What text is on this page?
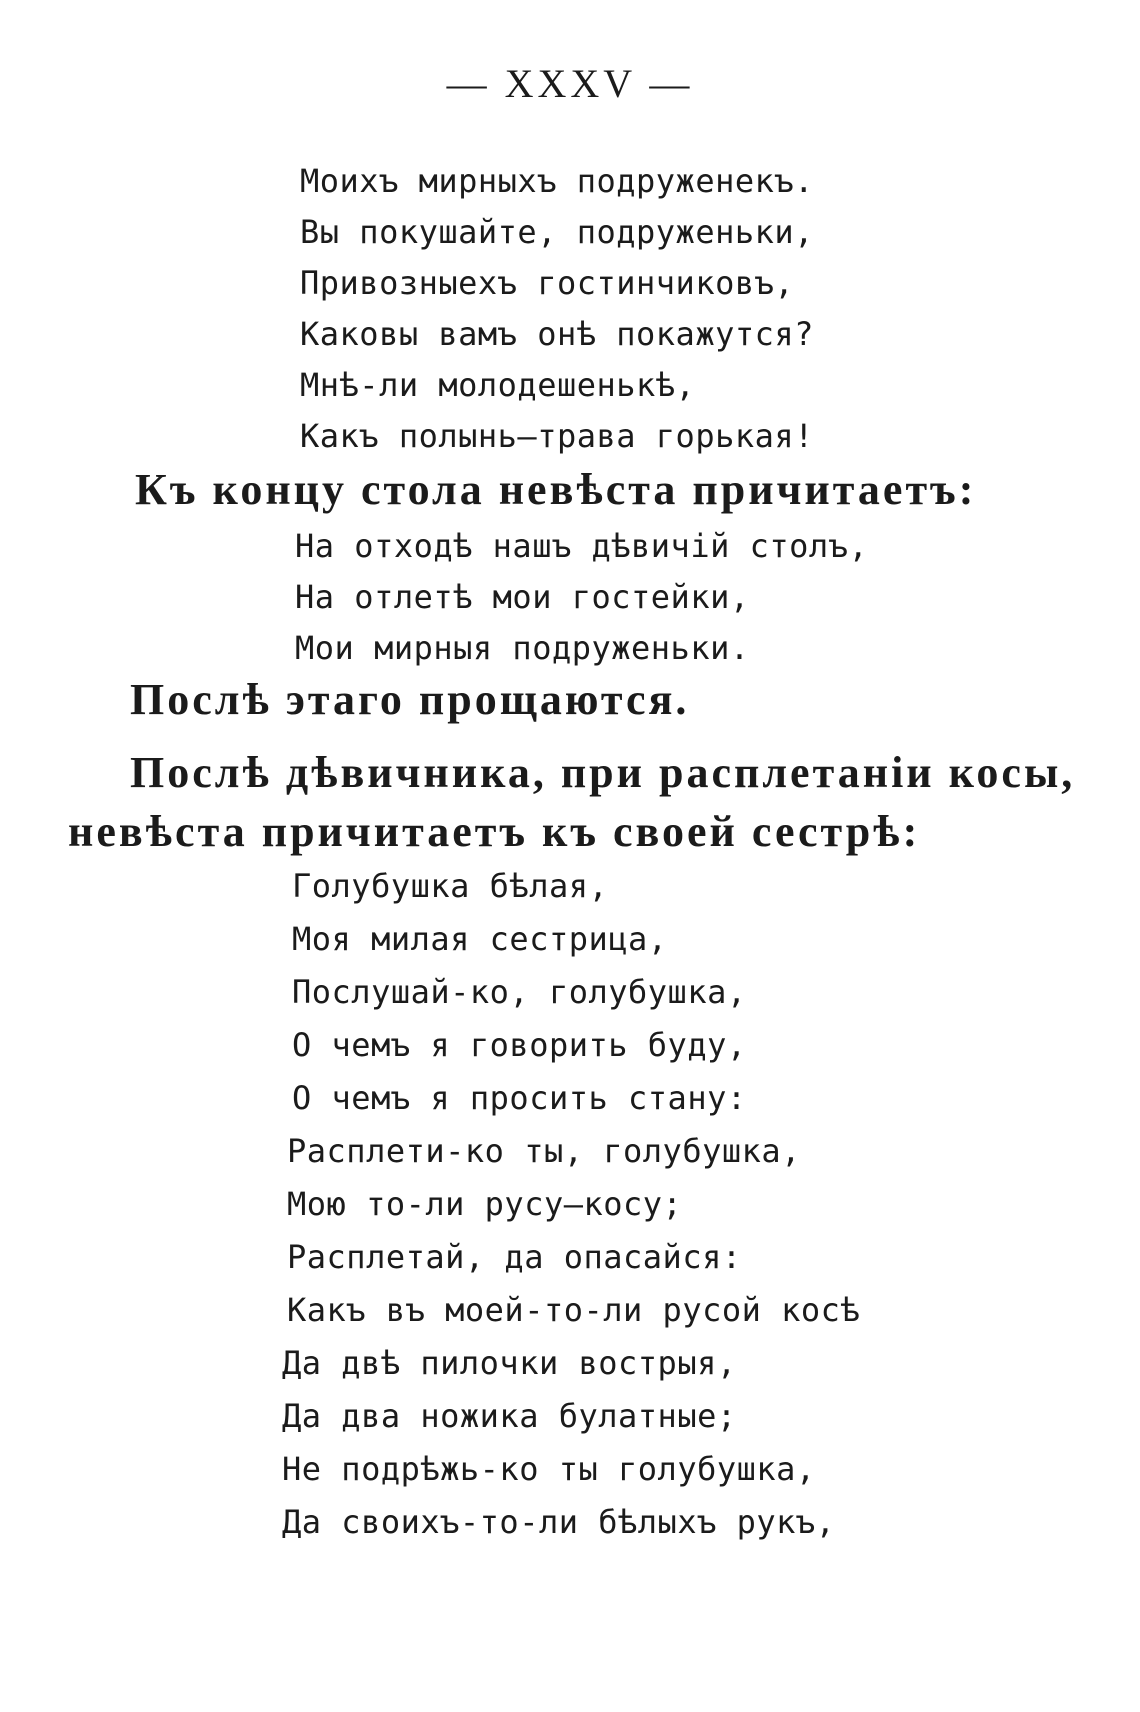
— XXXV —
Моихъ мирныхъ подруженекъ.
Вы покушайте, подруженьки,
Привозныехъ гостинчиковъ,
Каковы вамъ онѣ покажутся?
Мнѣ-ли молодешенькѣ,
Какъ полынь—трава горькая!
Къ концу стола невѣста причитаетъ:
На отходѣ нашъ дѣвичій столъ,
На отлетѣ мои гостейки,
Мои мирныя подруженьки.
Послѣ этаго прощаются.
Послѣ дѣвичника, при расплетаніи косы,
невѣста причитаетъ къ своей сестрѣ:
Голубушка бѣлая,
Моя милая сестрица,
Послушай-ко, голубушка,
О чемъ я говорить буду,
О чемъ я просить стану:
Расплети-ко ты, голубушка,
Мою то-ли русу—косу;
Расплетай, да опасайся:
Какъ въ моей-то-ли русой косѣ
Да двѣ пилочки вострыя,
Да два ножика булатные;
Не подрѣжь-ко ты голубушка,
Да своихъ-то-ли бѣлыхъ рукъ,
